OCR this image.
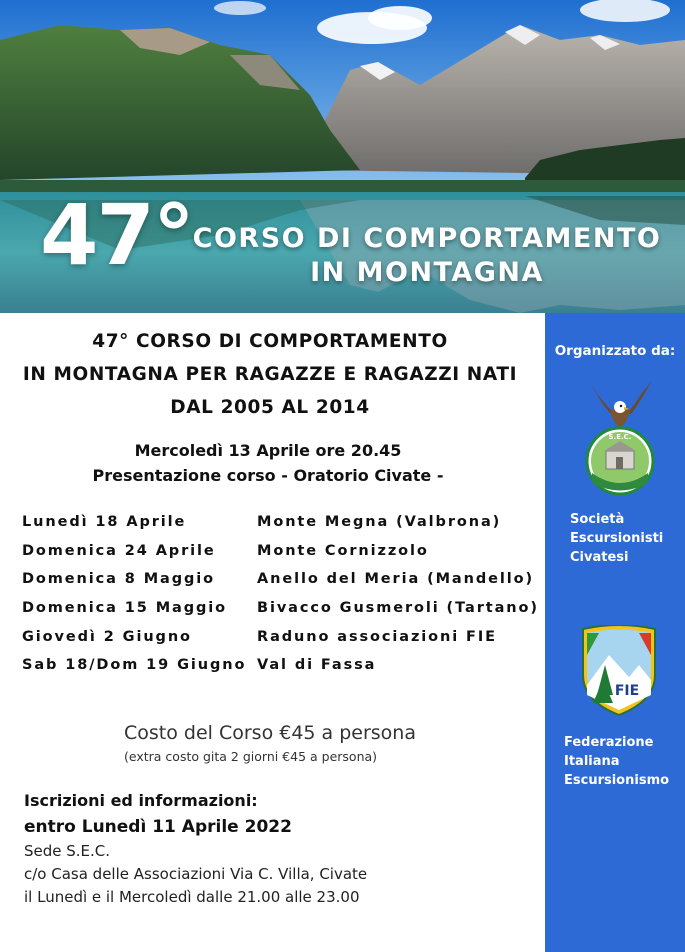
47° CORSO DI COMPORTAMENTO
IN MONTAGNA
Organizzato da:
S.E.C.
Società
Escursionisti
Civatesi
FIE
Federazione
Italiana
Escursionismo
47° CORSO DI COMPORTAMENTO
IN MONTAGNA PER RAGAZZE E RAGAZZI NATI
DAL 2005 AL 2014
Mercoledì 13 Aprile ore 20.45
Presentazione corso - Oratorio Civate -
Lunedì 18 Aprile	Monte Megna (Valbrona)
Domenica 24 Aprile	Monte Cornizzolo
Domenica 8 Maggio	Anello del Meria (Mandello)
Domenica 15 Maggio	Bivacco Gusmeroli (Tartano)
Giovedì 2 Giugno	Raduno associazioni FIE
Sab 18/Dom 19 Giugno Val di Fassa
Costo del Corso €45 a persona
(extra costo gita 2 giorni €45 a persona)
Iscrizioni ed informazioni:
entro Lunedì 11 Aprile 2022
Sede S.E.C.
c/o Casa delle Associazioni Via C. Villa, Civate
il Lunedì e il Mercoledì dalle 21.00 alle 23.00
